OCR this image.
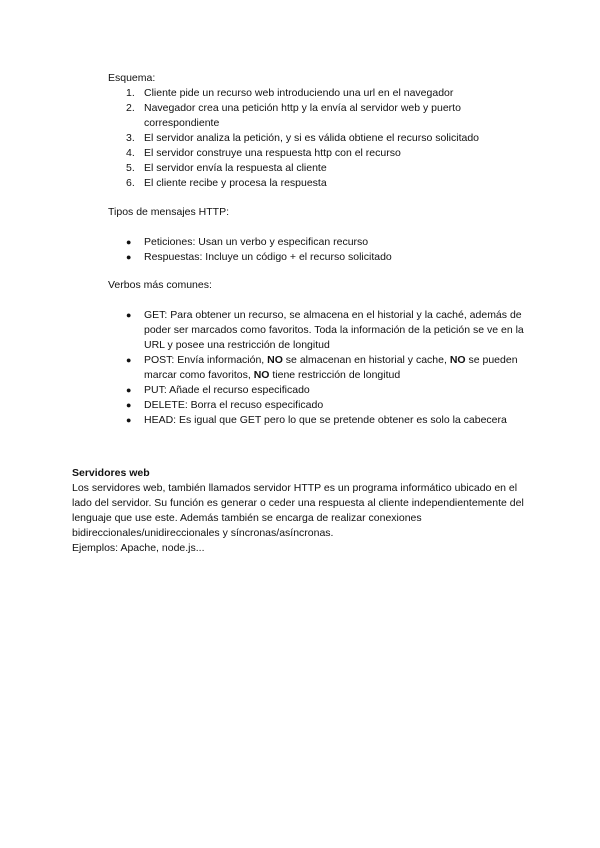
Esquema:
1. Cliente pide un recurso web introduciendo una url en el navegador
2. Navegador crea una petición http y la envía al servidor web y puerto correspondiente
3. El servidor analiza la petición, y si es válida obtiene el recurso solicitado
4. El servidor construye una respuesta http con el recurso
5. El servidor envía la respuesta al cliente
6. El cliente recibe y procesa la respuesta
Tipos de mensajes HTTP:
● Peticiones: Usan un verbo y especifican recurso
● Respuestas: Incluye un código + el recurso solicitado
Verbos más comunes:
● GET: Para obtener un recurso, se almacena en el historial y la caché, además de poder ser marcados como favoritos. Toda la información de la petición se ve en la URL y posee una restricción de longitud
● POST: Envía información, NO se almacenan en historial y cache, NO se pueden marcar como favoritos, NO tiene restricción de longitud
● PUT: Añade el recurso especificado
● DELETE: Borra el recuso especificado
● HEAD: Es igual que GET pero lo que se pretende obtener es solo la cabecera
Servidores web
Los servidores web, también llamados servidor HTTP es un programa informático ubicado en el lado del servidor. Su función es generar o ceder una respuesta al cliente independientemente del lenguaje que use este. Además también se encarga de realizar conexiones bidireccionales/unidireccionales y síncronas/asíncronas.
Ejemplos: Apache, node.js...
